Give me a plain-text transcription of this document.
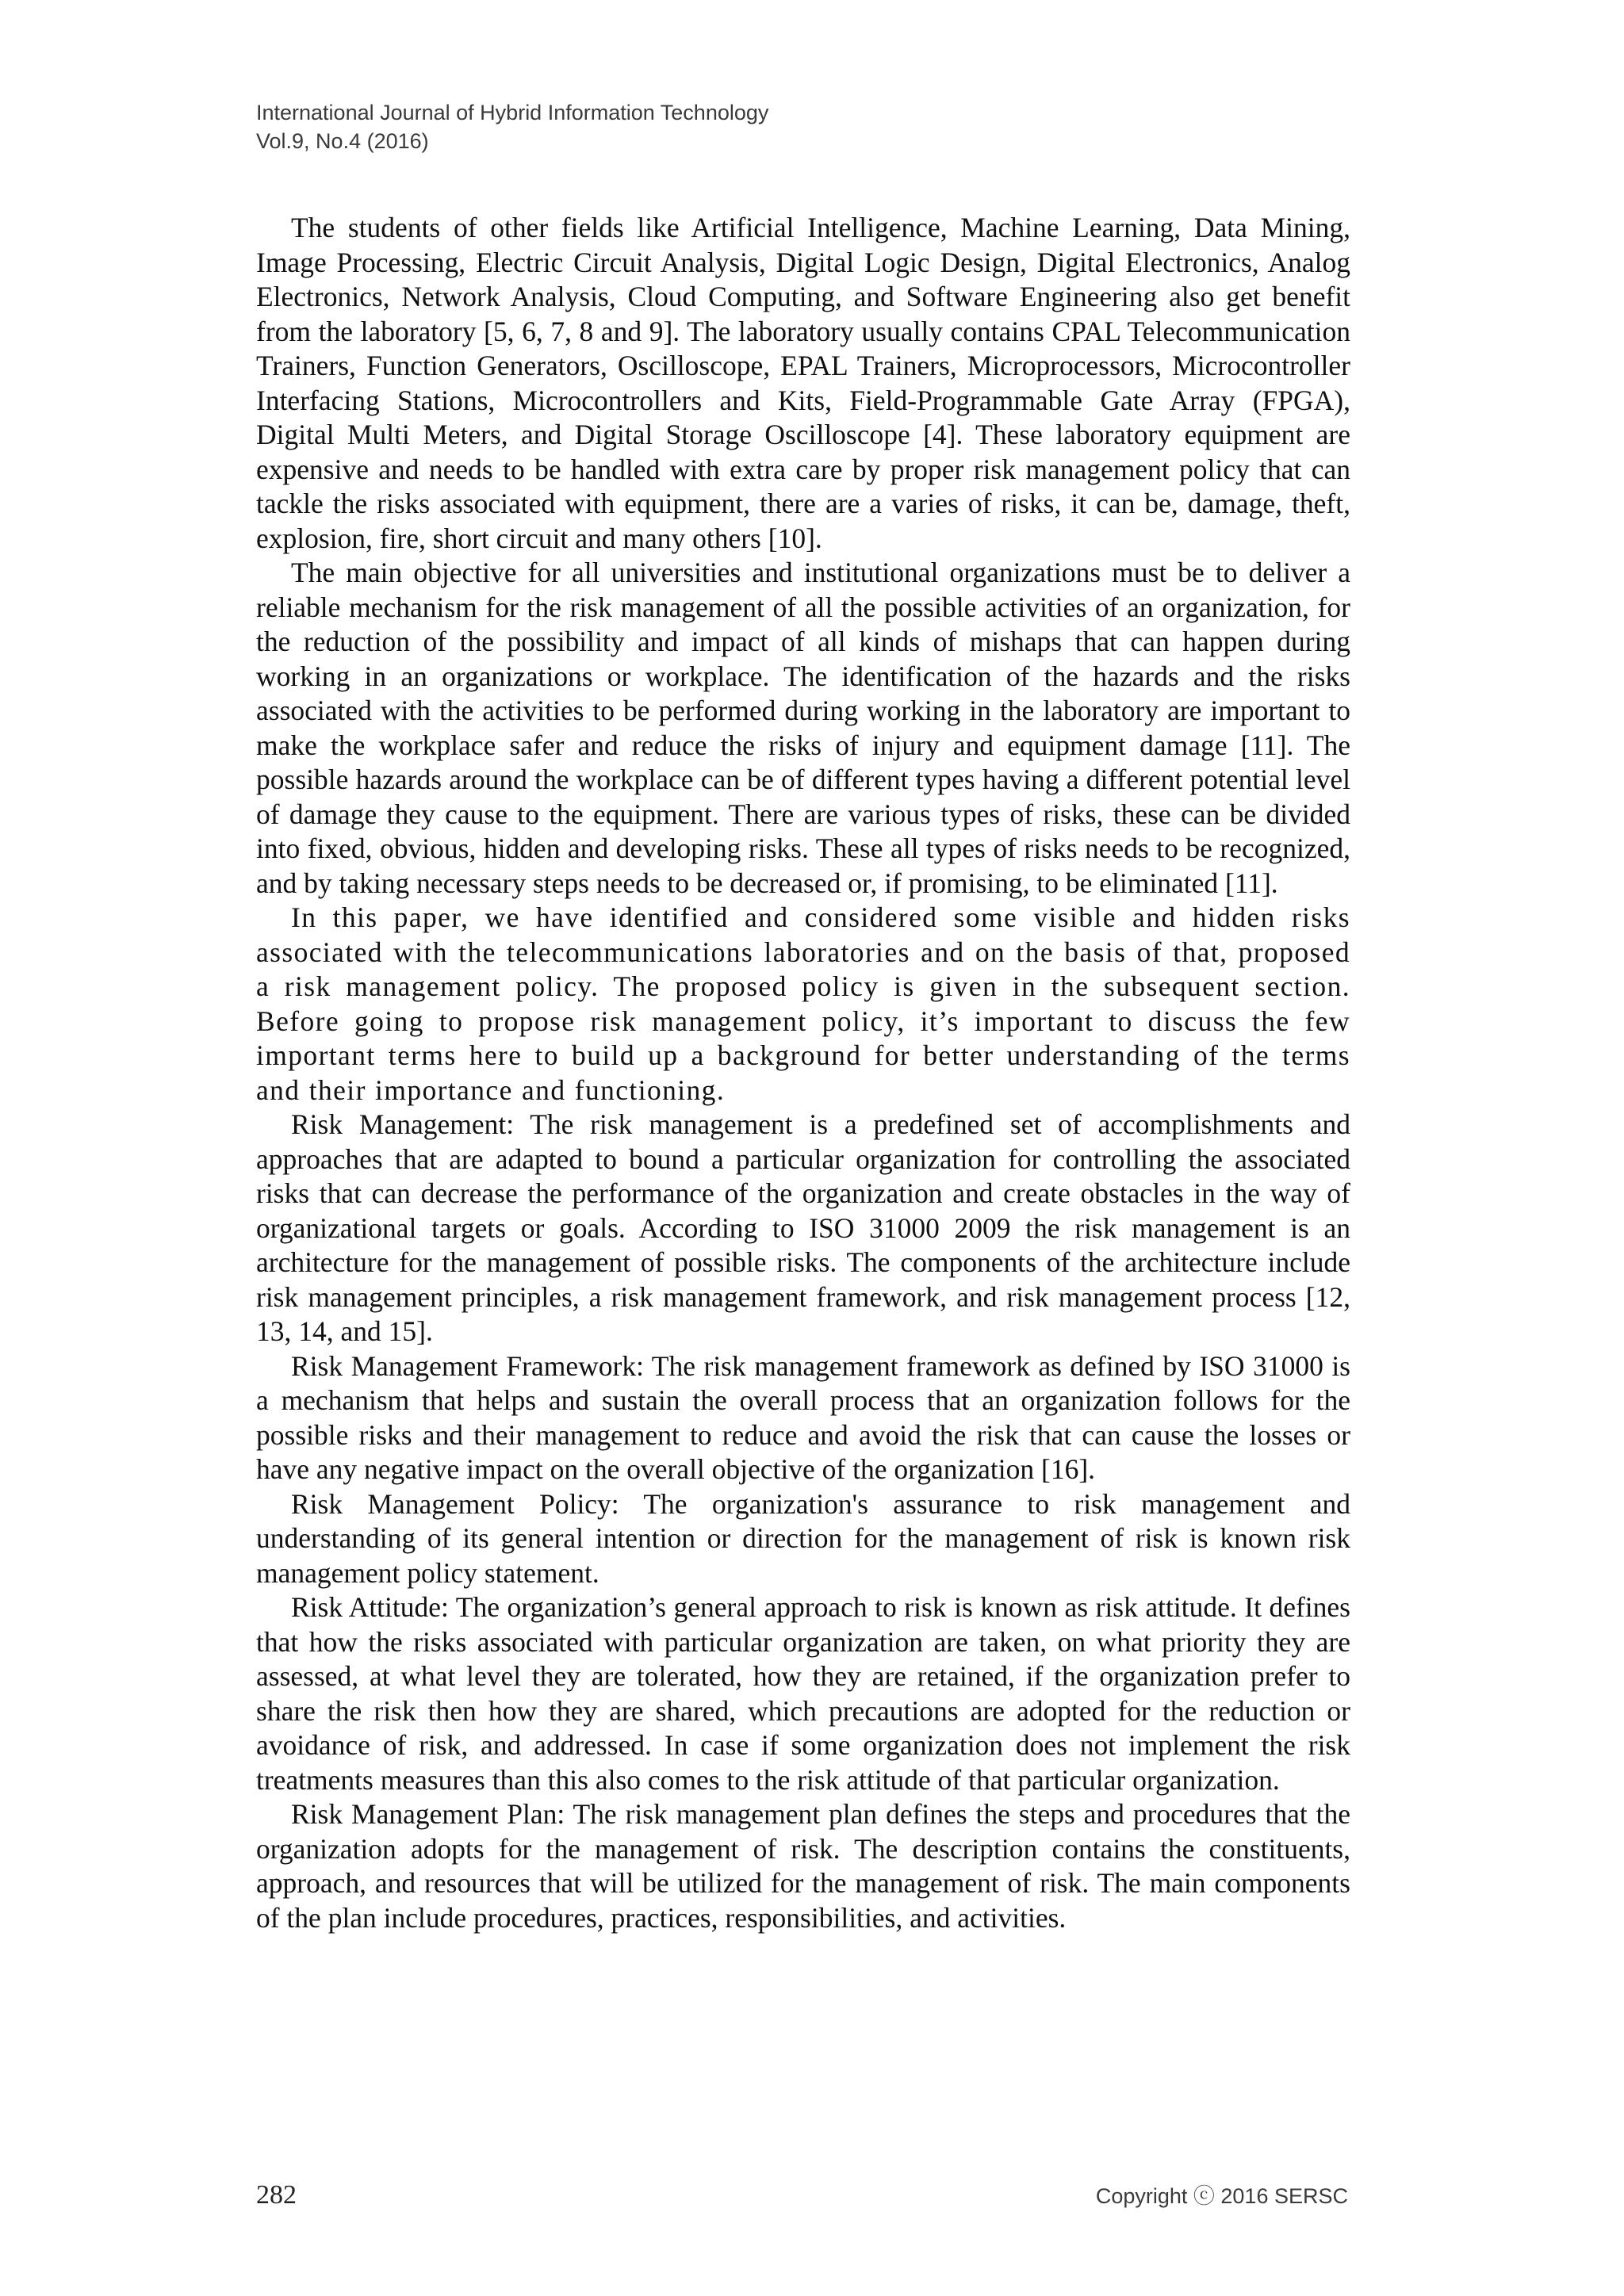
International Journal of Hybrid Information Technology
Vol.9, No.4 (2016)

The students of other fields like Artificial Intelligence, Machine Learning, Data Mining, Image Processing, Electric Circuit Analysis, Digital Logic Design, Digital Electronics, Analog Electronics, Network Analysis, Cloud Computing, and Software Engineering also get benefit from the laboratory [5, 6, 7, 8 and 9]. The laboratory usually contains CPAL Telecommunication Trainers, Function Generators, Oscilloscope, EPAL Trainers, Microprocessors, Microcontroller Interfacing Stations, Microcontrollers and Kits, Field-Programmable Gate Array (FPGA), Digital Multi Meters, and Digital Storage Oscilloscope [4]. These laboratory equipment are expensive and needs to be handled with extra care by proper risk management policy that can tackle the risks associated with equipment, there are a varies of risks, it can be, damage, theft, explosion, fire, short circuit and many others [10].

The main objective for all universities and institutional organizations must be to deliver a reliable mechanism for the risk management of all the possible activities of an organization, for the reduction of the possibility and impact of all kinds of mishaps that can happen during working in an organizations or workplace. The identification of the hazards and the risks associated with the activities to be performed during working in the laboratory are important to make the workplace safer and reduce the risks of injury and equipment damage [11]. The possible hazards around the workplace can be of different types having a different potential level of damage they cause to the equipment. There are various types of risks, these can be divided into fixed, obvious, hidden and developing risks. These all types of risks needs to be recognized, and by taking necessary steps needs to be decreased or, if promising, to be eliminated [11].

In this paper, we have identified and considered some visible and hidden risks associated with the telecommunications laboratories and on the basis of that, proposed a risk management policy. The proposed policy is given in the subsequent section. Before going to propose risk management policy, it’s important to discuss the few important terms here to build up a background for better understanding of the terms and their importance and functioning.

Risk Management: The risk management is a predefined set of accomplishments and approaches that are adapted to bound a particular organization for controlling the associated risks that can decrease the performance of the organization and create obstacles in the way of organizational targets or goals. According to ISO 31000 2009 the risk management is an architecture for the management of possible risks. The components of the architecture include risk management principles, a risk management framework, and risk management process [12, 13, 14, and 15].

Risk Management Framework: The risk management framework as defined by ISO 31000 is a mechanism that helps and sustain the overall process that an organization follows for the possible risks and their management to reduce and avoid the risk that can cause the losses or have any negative impact on the overall objective of the organization [16].

Risk Management Policy: The organization's assurance to risk management and understanding of its general intention or direction for the management of risk is known risk management policy statement.

Risk Attitude: The organization’s general approach to risk is known as risk attitude. It defines that how the risks associated with particular organization are taken, on what priority they are assessed, at what level they are tolerated, how they are retained, if the organization prefer to share the risk then how they are shared, which precautions are adopted for the reduction or avoidance of risk, and addressed. In case if some organization does not implement the risk treatments measures than this also comes to the risk attitude of that particular organization.

Risk Management Plan: The risk management plan defines the steps and procedures that the organization adopts for the management of risk. The description contains the constituents, approach, and resources that will be utilized for the management of risk. The main components of the plan include procedures, practices, responsibilities, and activities.

282	Copyright ⓒ 2016 SERSC
